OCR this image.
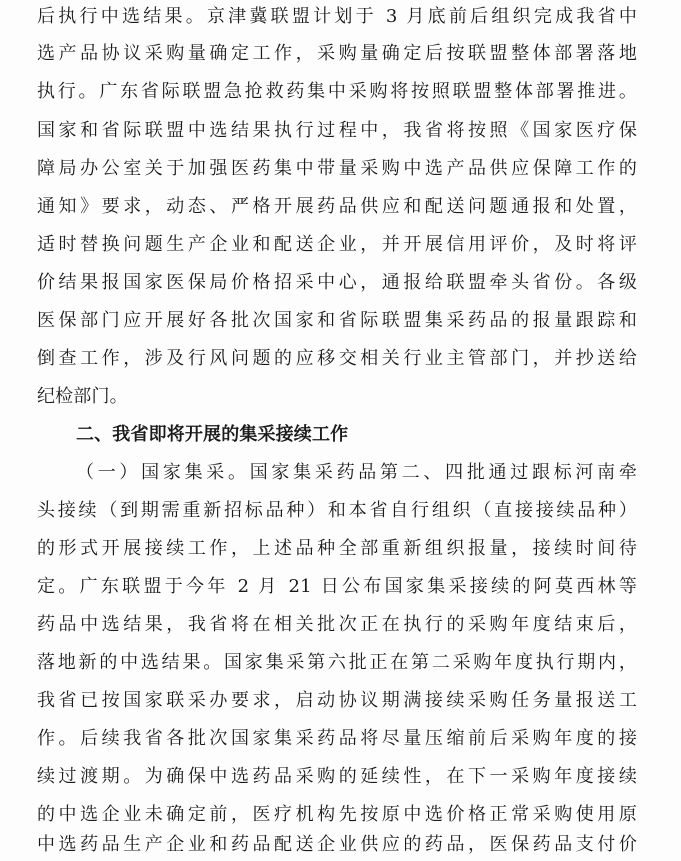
后执行中选结果。京津冀联盟计划于 3 月底前后组织完成我省中
选产品协议采购量确定工作，采购量确定后按联盟整体部署落地
执行。广东省际联盟急抢救药集中采购将按照联盟整体部署推进。
国家和省际联盟中选结果执行过程中，我省将按照《国家医疗保
障局办公室关于加强医药集中带量采购中选产品供应保障工作的
通知》要求，动态、严格开展药品供应和配送问题通报和处置，
适时替换问题生产企业和配送企业，并开展信用评价，及时将评
价结果报国家医保局价格招采中心，通报给联盟牵头省份。各级
医保部门应开展好各批次国家和省际联盟集采药品的报量跟踪和
倒查工作，涉及行风问题的应移交相关行业主管部门，并抄送给
纪检部门。
二、我省即将开展的集采接续工作
（一）国家集采。国家集采药品第二、四批通过跟标河南牵
头接续（到期需重新招标品种）和本省自行组织（直接接续品种）
的形式开展接续工作，上述品种全部重新组织报量，接续时间待
定。广东联盟于今年 2 月 21 日公布国家集采接续的阿莫西林等
药品中选结果，我省将在相关批次正在执行的采购年度结束后，
落地新的中选结果。国家集采第六批正在第二采购年度执行期内，
我省已按国家联采办要求，启动协议期满接续采购任务量报送工
作。后续我省各批次国家集采药品将尽量压缩前后采购年度的接
续过渡期。为确保中选药品采购的延续性，在下一采购年度接续
的中选企业未确定前，医疗机构先按原中选价格正常采购使用原
中选药品生产企业和药品配送企业供应的药品，医保药品支付价
